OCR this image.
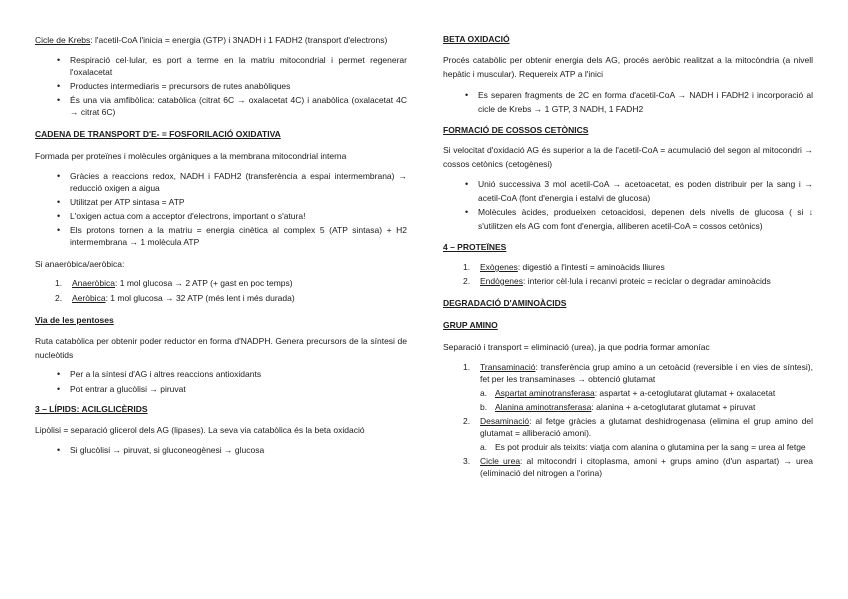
Cicle de Krebs: l'acetil-CoA l'inicia = energia (GTP) i 3NADH i 1 FADH2 (transport d'electrons)

• Respiració cel·lular, es port a terme en la matriu mitocondrial i permet regenerar l'oxalacetat
• Productes intermediaris = precursors de rutes anabòliques
• És una via amfibòlica: catabòlica (citrat 6C → oxalacetat 4C) i anabòlica (oxalacetat 4C → citrat 6C)
CADENA DE TRANSPORT D'E- = FOSFORILACIÓ OXIDATIVA

Formada per proteïnes i molècules orgàniques a la membrana mitocondrial interna

• Gràcies a reaccions redox, NADH i FADH2 (transferència a espai intermembrana) → reducció oxigen a aigua
• Utilitzat per ATP sintasa = ATP
• L'oxigen actua com a acceptor d'electrons, important o s'atura!
• Els protons tornen a la matriu = energia cinètica al complex 5 (ATP sintasa) + H2 intermembrana → 1 molècula ATP

Si anaeròbica/aeròbica:

1. Anaeròbica: 1 mol glucosa → 2 ATP (+ gast en poc temps)
2. Aeròbica: 1 mol glucosa → 32 ATP (més lent i més durada)
Via de les pentoses

Ruta catabòlica per obtenir poder reductor en forma d'NADPH. Genera precursors de la síntesi de nucleòtids

• Per a la síntesi d'AG i altres reaccions antioxidants
• Pot entrar a glucòlisi → piruvat
3 – LÍPIDS: ACILGLICÈRIDS

Lipòlisi = separació glicerol dels AG (lipases). La seva via catabòlica és la beta oxidació

• Si glucòlisi → piruvat, si gluconeogènesi → glucosa
BETA OXIDACIÓ

Procés catabòlic per obtenir energia dels AG, procés aeròbic realitzat a la mitocòndria (a nivell hepàtic i muscular). Requereix ATP a l'inici

• Es separen fragments de 2C en forma d'acetil-CoA → NADH i FADH2 i incorporació al cicle de Krebs → 1 GTP, 3 NADH, 1 FADH2
FORMACIÓ DE COSSOS CETÒNICS

Si velocitat d'oxidació AG és superior a la de l'acetil-CoA = acumulació del segon al mitocondri → cossos cetònics (cetogènesi)

• Unió successiva 3 mol acetil-CoA → acetoacetat, es poden distribuir per la sang i → acetil-CoA (font d'energia i estalvi de glucosa)
• Molècules àcides, produeixen cetoacidosi, depenen dels nivells de glucosa ( si ↓ s'utilitzen els AG com font d'energia, alliberen acetil-CoA = cossos cetònics)
4 – PROTEÏNES
1. Exògenes: digestió a l'intestí = aminoàcids lliures
2. Endògenes: interior cèl·lula i recanvi proteic = reciclar o degradar aminoàcids
DEGRADACIÓ D'AMINOÀCIDS
GRUP AMINO

Separació i transport = eliminació (urea), ja que podria formar amoníac

1. Transaminació: transferència grup amino a un cetoàcid (reversible i en vies de síntesi), fet per les transaminases → obtenció glutamat
a. Aspartat aminotransferasa: aspartat + a-cetoglutarat glutamat + oxalacetat
b. Alanina aminotransferasa: alanina + a-cetoglutarat glutamat + piruvat
2. Desaminació: al fetge gràcies a glutamat deshidrogenasa (elimina el grup amino del glutamat = alliberació amoni).
a. Es pot produir als teixits: viatja com alanina o glutamina per la sang = urea al fetge
3. Cicle urea: al mitocondri i citoplasma, amoni + grups amino (d'un aspartat) → urea (eliminació del nitrogen a l'orina)
